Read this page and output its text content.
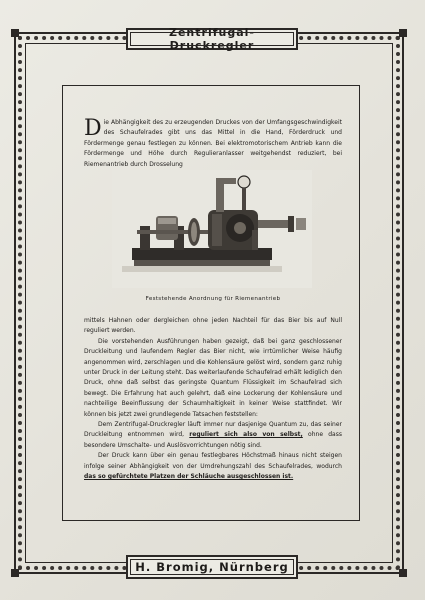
Zentrifugal-Druckregler

Die Abhängigkeit des zu erzeugenden Druckes von der Umfangsgeschwindigkeit des Schaufelrades gibt uns das Mittel in die Hand, Förderdruck und Fördermenge genau festlegen zu können. Bei elektromotorischem Antrieb kann die Fördermenge und Höhe durch Regulieranlasser weitgehendst reduziert, bei Riemenantrieb durch Drosselung

Feststehende Anordnung für Riemenantrieb

mittels Hahnen oder dergleichen ohne jeden Nachteil für das Bier bis auf Null reguliert werden.

Die vorstehenden Ausführungen haben gezeigt, daß bei ganz geschlossener Druckleitung und laufendem Regler das Bier nicht, wie irrtümlicher Weise häufig angenommen wird, zerschlagen und die Kohlensäure gelöst wird, sondern ganz ruhig unter Druck in der Leitung steht. Das weiterlaufende Schaufelrad erhält lediglich den Druck, ohne daß selbst das geringste Quantum Flüssigkeit im Schaufelrad sich bewegt. Die Erfahrung hat auch gelehrt, daß eine Lockerung der Kohlensäure und nachteilige Beeinflussung der Schaumhaltigkeit in keiner Weise stattfindet. Wir können bis jetzt zwei grundlegende Tatsachen feststellen:

Dem Zentrifugal-Druckregler läuft immer nur dasjenige Quantum zu, das seiner Druckleitung entnommen wird, reguliert sich also von selbst, ohne dass besondere Umschalte- und Auslösvorrichtungen nötig sind.

Der Druck kann über ein genau festlegbares Höchstmaß hinaus nicht steigen infolge seiner Abhängigkeit von der Umdrehungszahl des Schaufelrades, wodurch das so gefürchtete Platzen der Schläuche ausgeschlossen ist.

H. Bromig, Nürnberg
